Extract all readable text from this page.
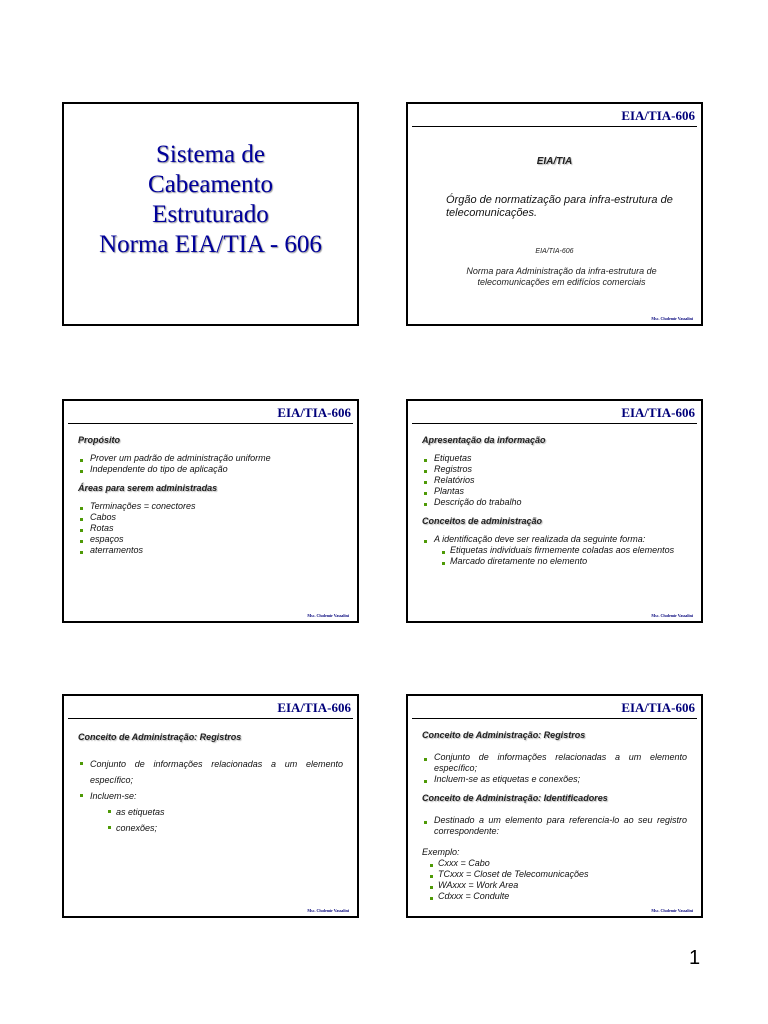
Sistema de
Cabeamento
Estruturado
Norma EIA/TIA - 606
EIA/TIA-606
EIA/TIA
Órgão de normatização para infra-estrutura de telecomunicações.
EIA/TIA-606
Norma para Administração da infra-estrutura de telecomunicações em edifícios comerciais
Msc. Cludemir Vassalini
EIA/TIA-606
Propósito
Prover um padrão de administração uniforme
Independente do tipo de aplicação
Áreas para serem administradas
Terminações = conectores
Cabos
Rotas
espaços
aterramentos
Msc. Cludemir Vassalini
EIA/TIA-606
Apresentação da informação
Etiquetas
Registros
Relatórios
Plantas
Descrição do trabalho
Conceitos de administração
A identificação deve ser realizada da seguinte forma:
Etiquetas individuais firmemente coladas aos elementos
Marcado diretamente no elemento
Msc. Cludemir Vassalini
EIA/TIA-606
Conceito de Administração: Registros
Conjunto de informações relacionadas a um elemento específico;
Incluem-se:
as etiquetas
conexões;
Msc. Cludemir Vassalini
EIA/TIA-606
Conceito de Administração: Registros
Conjunto de informações relacionadas a um elemento específico;
Incluem-se as etiquetas e conexões;
Conceito de Administração: Identificadores
Destinado a um elemento para referencia-lo ao seu registro correspondente:
Exemplo:
Cxxx = Cabo
TCxxx = Closet de Telecomunicações
WAxxx = Work Area
Cdxxx = Condulte
Msc. Cludemir Vassalini
1
